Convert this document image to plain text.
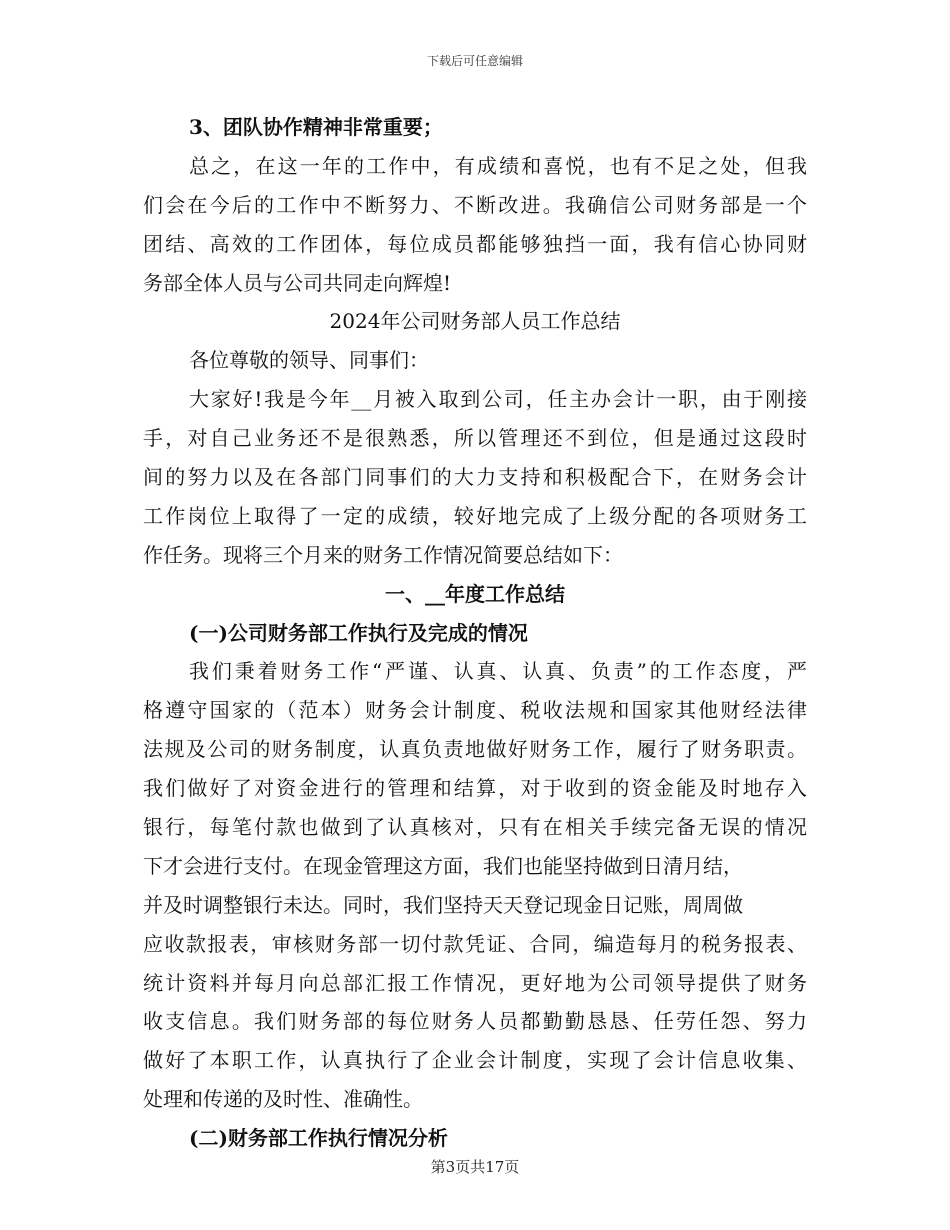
下载后可任意编辑
3、团队协作精神非常重要；
总之，在这一年的工作中，有成绩和喜悦，也有不足之处，但我
们会在今后的工作中不断努力、不断改进。我确信公司财务部是一个
团结、高效的工作团体，每位成员都能够独挡一面，我有信心协同财
务部全体人员与公司共同走向辉煌!
2024年公司财务部人员工作总结
各位尊敬的领导、同事们：
大家好!我是今年__月被入取到公司，任主办会计一职，由于刚接
手，对自己业务还不是很熟悉，所以管理还不到位，但是通过这段时
间的努力以及在各部门同事们的大力支持和积极配合下，在财务会计
工作岗位上取得了一定的成绩，较好地完成了上级分配的各项财务工
作任务。现将三个月来的财务工作情况简要总结如下：
一、__年度工作总结
(一)公司财务部工作执行及完成的情况
我们秉着财务工作“严谨、认真、认真、负责”的工作态度，严
格遵守国家的（范本）财务会计制度、税收法规和国家其他财经法律
法规及公司的财务制度，认真负责地做好财务工作，履行了财务职责。
我们做好了对资金进行的管理和结算，对于收到的资金能及时地存入
银行，每笔付款也做到了认真核对，只有在相关手续完备无误的情况
下才会进行支付。在现金管理这方面，我们也能坚持做到日清月结，
并及时调整银行未达。同时，我们坚持天天登记现金日记账，周周做
应收款报表，审核财务部一切付款凭证、合同，编造每月的税务报表、
统计资料并每月向总部汇报工作情况，更好地为公司领导提供了财务
收支信息。我们财务部的每位财务人员都勤勤恳恳、任劳任怨、努力
做好了本职工作，认真执行了企业会计制度，实现了会计信息收集、
处理和传递的及时性、准确性。
(二)财务部工作执行情况分析
第3页共17页
